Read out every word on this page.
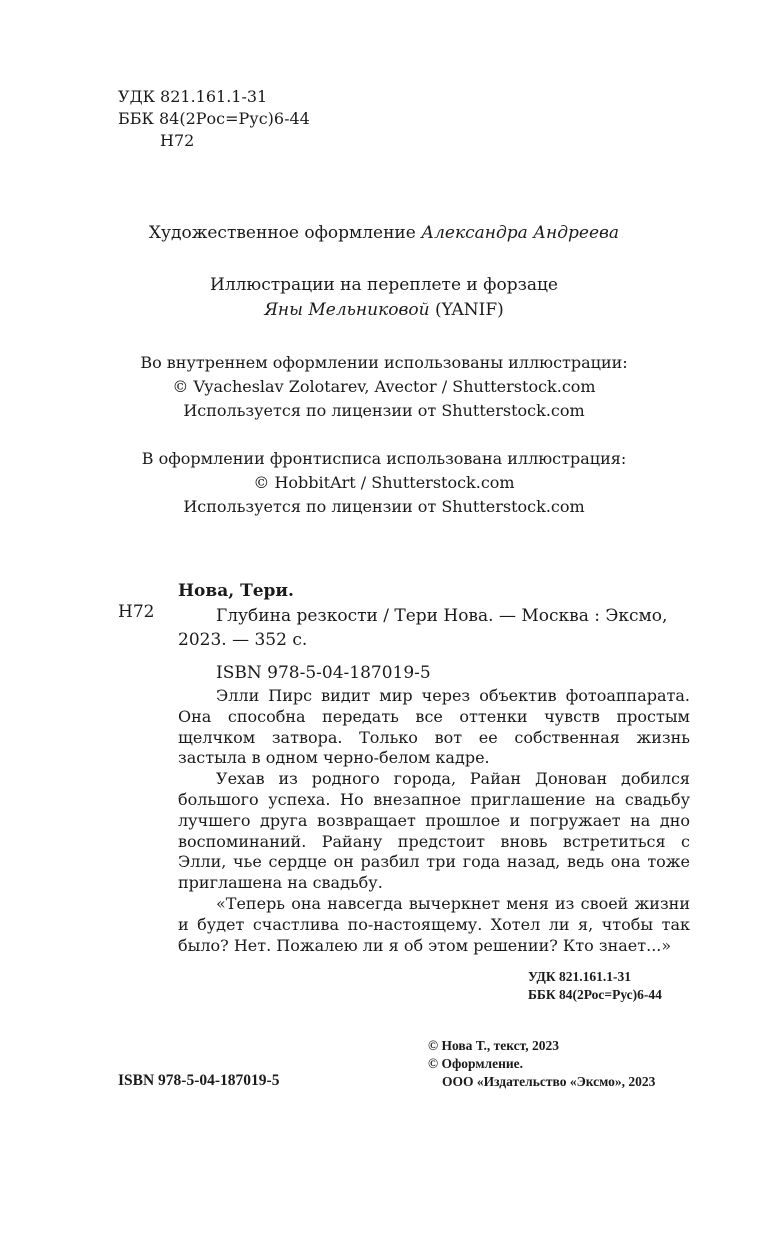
УДК 821.161.1-31
ББК 84(2Рос=Рус)6-44
Н72
Художественное оформление Александра Андреева
Иллюстрации на переплете и форзаце
Яны Мельниковой (YANIF)
Во внутреннем оформлении использованы иллюстрации:
© Vyacheslav Zolotarev, Avector / Shutterstock.com
Используется по лицензии от Shutterstock.com
В оформлении фронтисписа использована иллюстрация:
© HobbitArt / Shutterstock.com
Используется по лицензии от Shutterstock.com
Нова, Тери.
Н72	Глубина резкости / Тери Нова. — Москва : Эксмо,
2023. — 352 с.
ISBN 978-5-04-187019-5

Элли Пирс видит мир через объектив фотоаппарата. Она способна передать все оттенки чувств простым щелчком затвора. Только вот ее собственная жизнь застыла в одном черно-белом кадре.

Уехав из родного города, Райан Донован добился большого успеха. Но внезапное приглашение на свадьбу лучшего друга возвращает прошлое и погружает на дно воспоминаний. Райану предстоит вновь встретиться с Элли, чье сердце он разбил три года назад, ведь она тоже приглашена на свадьбу.

«Теперь она навсегда вычеркнет меня из своей жизни и будет счастлива по-настоящему. Хотел ли я, чтобы так было? Нет. Пожалею ли я об этом решении? Кто знает...»

УДК 821.161.1-31
ББК 84(2Рос=Рус)6-44
© Нова Т., текст, 2023
© Оформление.
ООО «Издательство «Эксмо», 2023
ISBN 978-5-04-187019-5
